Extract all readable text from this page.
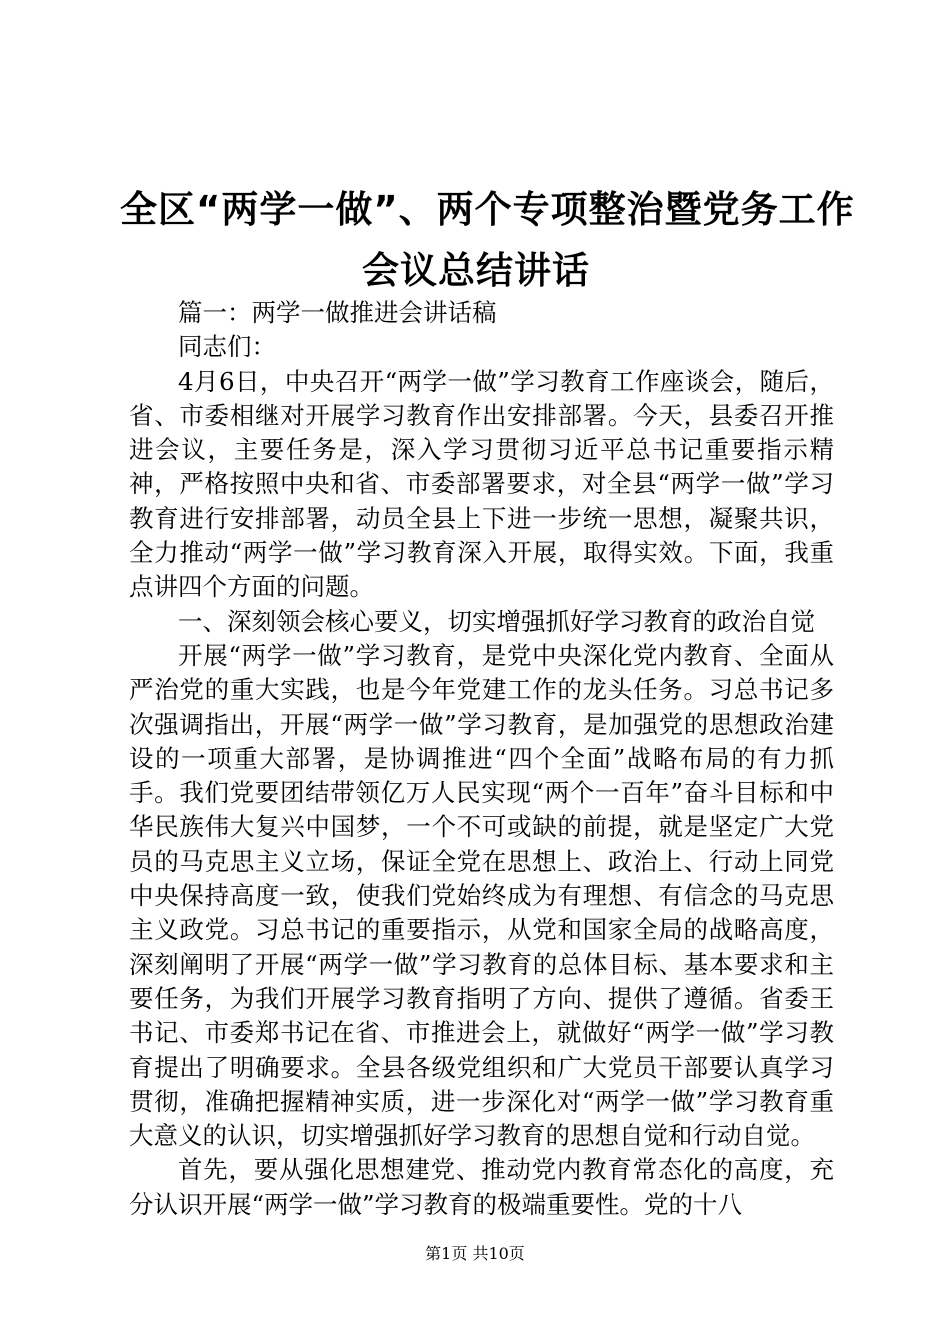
全区“两学一做”、两个专项整治暨党务工作
会议总结讲话

篇一：两学一做推进会讲话稿

同志们：

4月6日，中央召开“两学一做”学习教育工作座谈会，随后，省、市委相继对开展学习教育作出安排部署。今天，县委召开推进会议，主要任务是，深入学习贯彻习近平总书记重要指示精神，严格按照中央和省、市委部署要求，对全县“两学一做”学习教育进行安排部署，动员全县上下进一步统一思想，凝聚共识，全力推动“两学一做”学习教育深入开展，取得实效。下面，我重点讲四个方面的问题。

一、深刻领会核心要义，切实增强抓好学习教育的政治自觉

开展“两学一做”学习教育，是党中央深化党内教育、全面从严治党的重大实践，也是今年党建工作的龙头任务。习总书记多次强调指出，开展“两学一做”学习教育，是加强党的思想政治建设的一项重大部署，是协调推进“四个全面”战略布局的有力抓手。我们党要团结带领亿万人民实现“两个一百年”奋斗目标和中华民族伟大复兴中国梦，一个不可或缺的前提，就是坚定广大党员的马克思主义立场，保证全党在思想上、政治上、行动上同党中央保持高度一致，使我们党始终成为有理想、有信念的马克思主义政党。习总书记的重要指示，从党和国家全局的战略高度，深刻阐明了开展“两学一做”学习教育的总体目标、基本要求和主要任务，为我们开展学习教育指明了方向、提供了遵循。省委王书记、市委郑书记在省、市推进会上，就做好“两学一做”学习教育提出了明确要求。全县各级党组织和广大党员干部要认真学习贯彻，准确把握精神实质，进一步深化对“两学一做”学习教育重大意义的认识，切实增强抓好学习教育的思想自觉和行动自觉。

首先，要从强化思想建党、推动党内教育常态化的高度，充分认识开展“两学一做”学习教育的极端重要性。党的十八

第1页 共10页
